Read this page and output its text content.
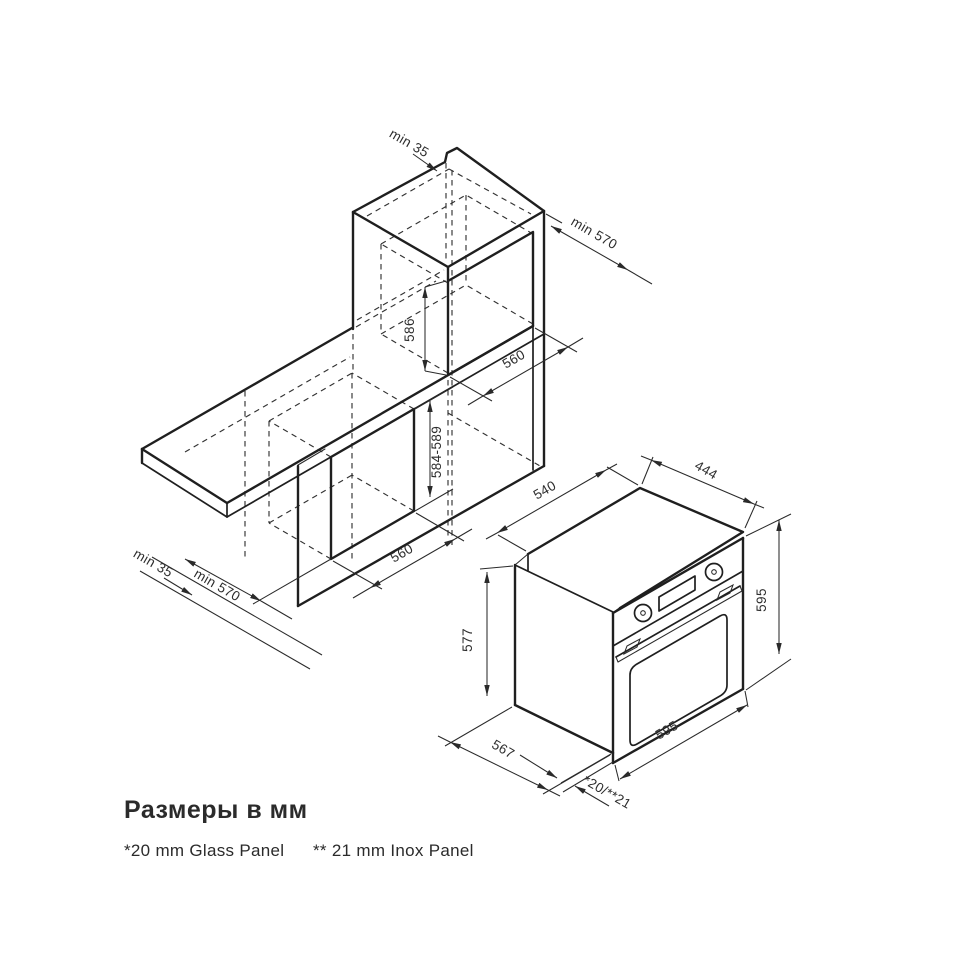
min 35
min 570
586
560
584-589
560
min 35
min 570
540
444
595
577
567
595
*20/**21
Размеры в мм
*20 mm Glass Panel ** 21 mm Inox Panel
